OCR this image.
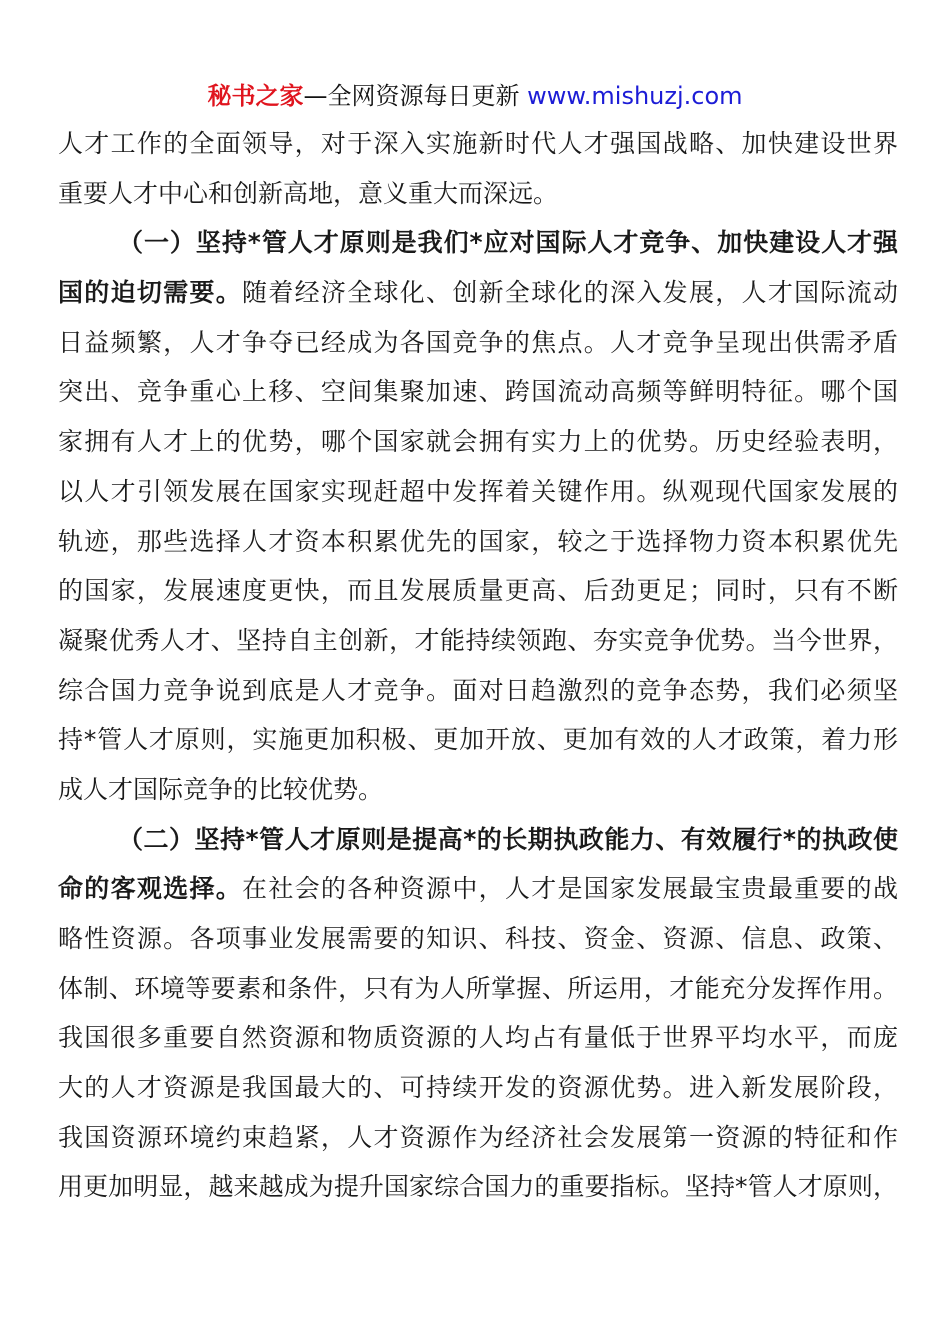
秘书之家—全网资源每日更新 www.mishuzj.com
人才工作的全面领导，对于深入实施新时代人才强国战略、加快建设世界
重要人才中心和创新高地，意义重大而深远。
（一）坚持*管人才原则是我们*应对国际人才竞争、加快建设人才强
国的迫切需要。随着经济全球化、创新全球化的深入发展，人才国际流动
日益频繁，人才争夺已经成为各国竞争的焦点。人才竞争呈现出供需矛盾
突出、竞争重心上移、空间集聚加速、跨国流动高频等鲜明特征。哪个国
家拥有人才上的优势，哪个国家就会拥有实力上的优势。历史经验表明，
以人才引领发展在国家实现赶超中发挥着关键作用。纵观现代国家发展的
轨迹，那些选择人才资本积累优先的国家，较之于选择物力资本积累优先
的国家，发展速度更快，而且发展质量更高、后劲更足；同时，只有不断
凝聚优秀人才、坚持自主创新，才能持续领跑、夯实竞争优势。当今世界，
综合国力竞争说到底是人才竞争。面对日趋激烈的竞争态势，我们必须坚
持*管人才原则，实施更加积极、更加开放、更加有效的人才政策，着力形
成人才国际竞争的比较优势。
（二）坚持*管人才原则是提高*的长期执政能力、有效履行*的执政使
命的客观选择。在社会的各种资源中，人才是国家发展最宝贵最重要的战
略性资源。各项事业发展需要的知识、科技、资金、资源、信息、政策、
体制、环境等要素和条件，只有为人所掌握、所运用，才能充分发挥作用。
我国很多重要自然资源和物质资源的人均占有量低于世界平均水平，而庞
大的人才资源是我国最大的、可持续开发的资源优势。进入新发展阶段，
我国资源环境约束趋紧，人才资源作为经济社会发展第一资源的特征和作
用更加明显，越来越成为提升国家综合国力的重要指标。坚持*管人才原则，
